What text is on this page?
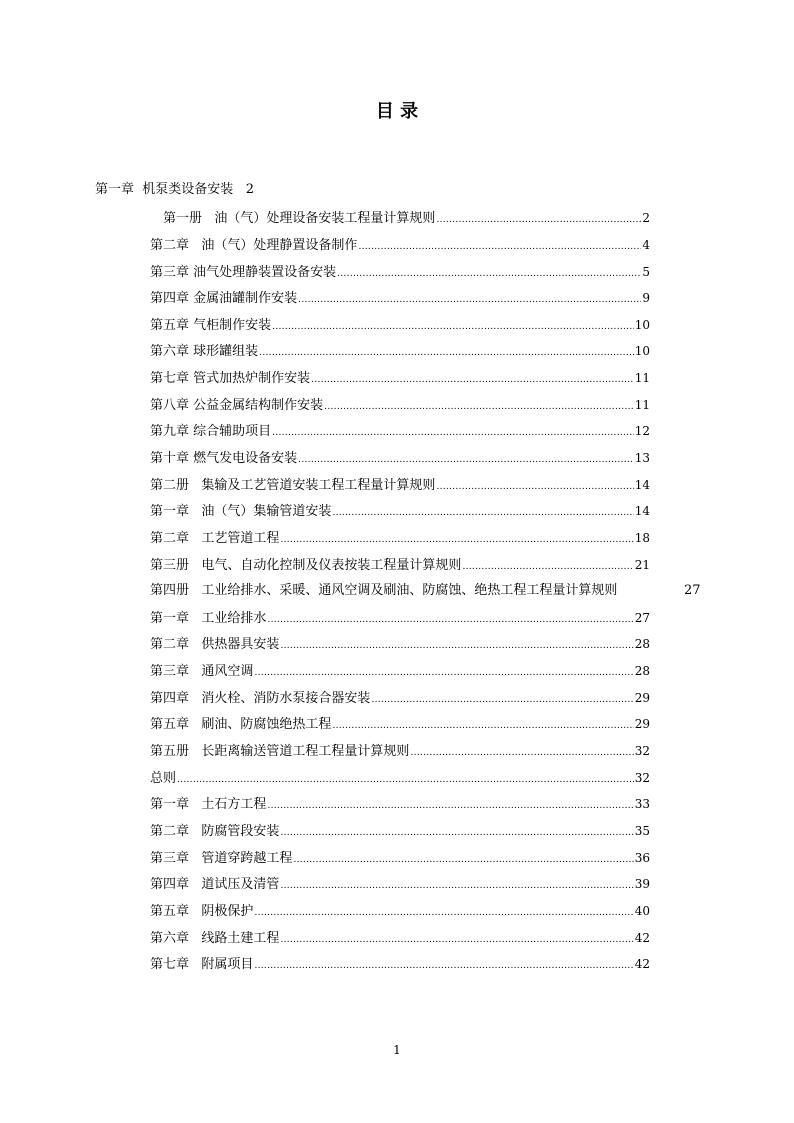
目 录
第一章 机泵类设备安装 2
第一册 油（气）处理设备安装工程量计算规则 .....	2
第二章 油（气）处理静置设备制作 .....	4
第三章 油气处理静装置设备安装 .....	5
第四章 金属油罐制作安装 .....	9
第五章 气柜制作安装 .....	10
第六章 球形罐组装 .....	10
第七章 管式加热炉制作安装 .....	11
第八章 公益金属结构制作安装 .....	11
第九章 综合辅助项目 .....	12
第十章 燃气发电设备安装 .....	13
第二册 集输及工艺管道安装工程工程量计算规则 .....	14
第一章 油（气）集输管道安装 .....	14
第二章 工艺管道工程 .....	18
第三册 电气、自动化控制及仪表按装工程量计算规则 .....	21
第四册 工业给排水、采暖、通风空调及刷油、防腐蚀、绝热工程工程量计算规则	27
第一章 工业给排水 .....	27
第二章 供热器具安装 .....	28
第三章 通风空调 .....	28
第四章 消火栓、消防水泵接合器安装 .....	29
第五章 刷油、防腐蚀绝热工程 .....	29
第五册 长距离输送管道工程工程量计算规则 .....	32
总则 .....	32
第一章 土石方工程 .....	33
第二章 防腐管段安装 .....	35
第三章 管道穿跨越工程 .....	36
第四章 道试压及清管 .....	39
第五章 阴极保护 .....	40
第六章 线路土建工程 .....	42
第七章 附属项目 .....	42
1
